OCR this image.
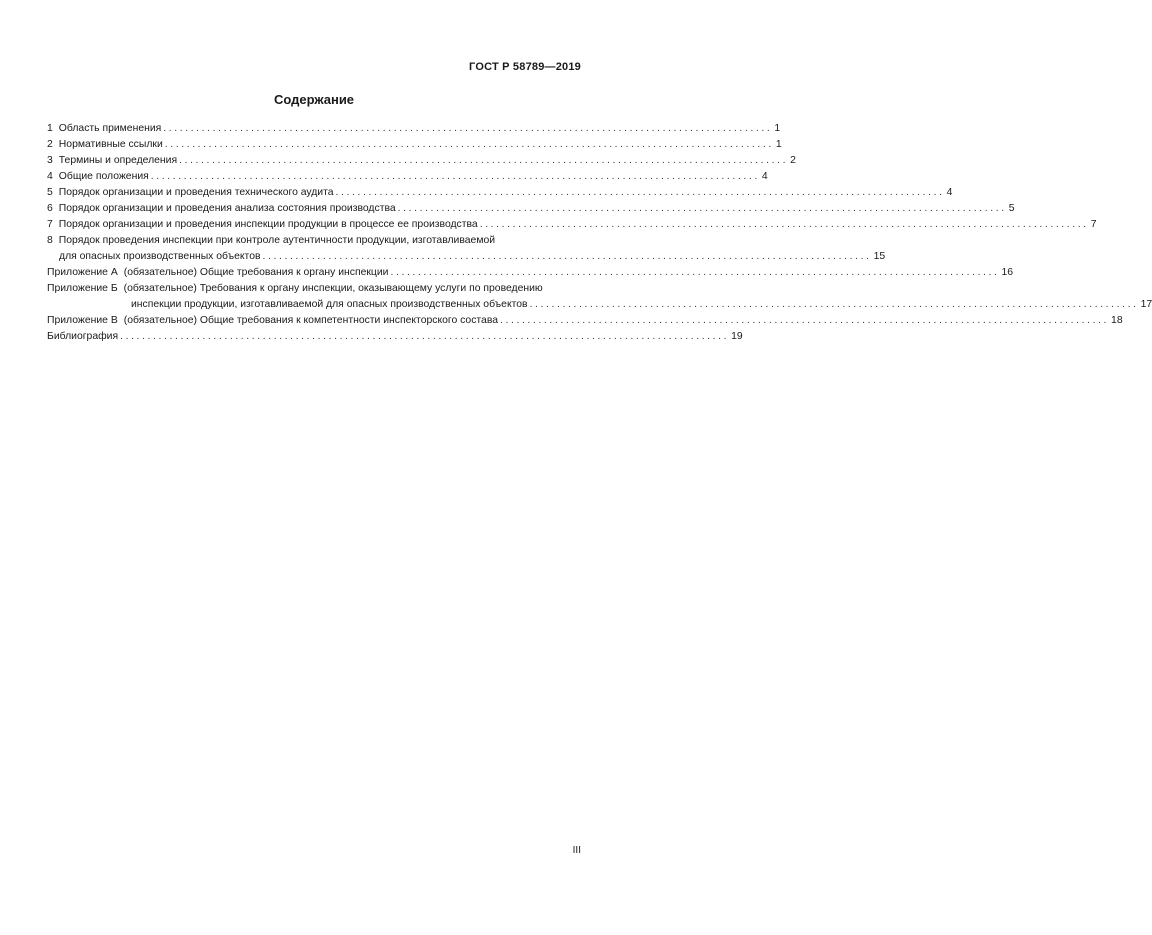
ГОСТ Р 58789—2019
Содержание
1 Область применения ............................................................................................................... 1
2 Нормативные ссылки ............................................................................................................... 1
3 Термины и определения ............................................................................................................... 2
4 Общие положения ............................................................................................................... 4
5 Порядок организации и проведения технического аудита ............................................................................................................... 4
6 Порядок организации и проведения анализа состояния производства ............................................................................................................... 5
7 Порядок организации и проведения инспекции продукции в процессе ее производства ............................................................................................................... 7
8 Порядок проведения инспекции при контроле аутентичности продукции, изготавливаемой
для опасных производственных объектов ............................................................................................................... 15
Приложение А (обязательное) Общие требования к органу инспекции ............................................................................................................... 16
Приложение Б (обязательное) Требования к органу инспекции, оказывающему услуги по проведению
инспекции продукции, изготавливаемой для опасных производственных объектов ............................................................................................................... 17
Приложение В (обязательное) Общие требования к компетентности инспекторского состава ............................................................................................................... 18
Библиография ............................................................................................................... 19
III
